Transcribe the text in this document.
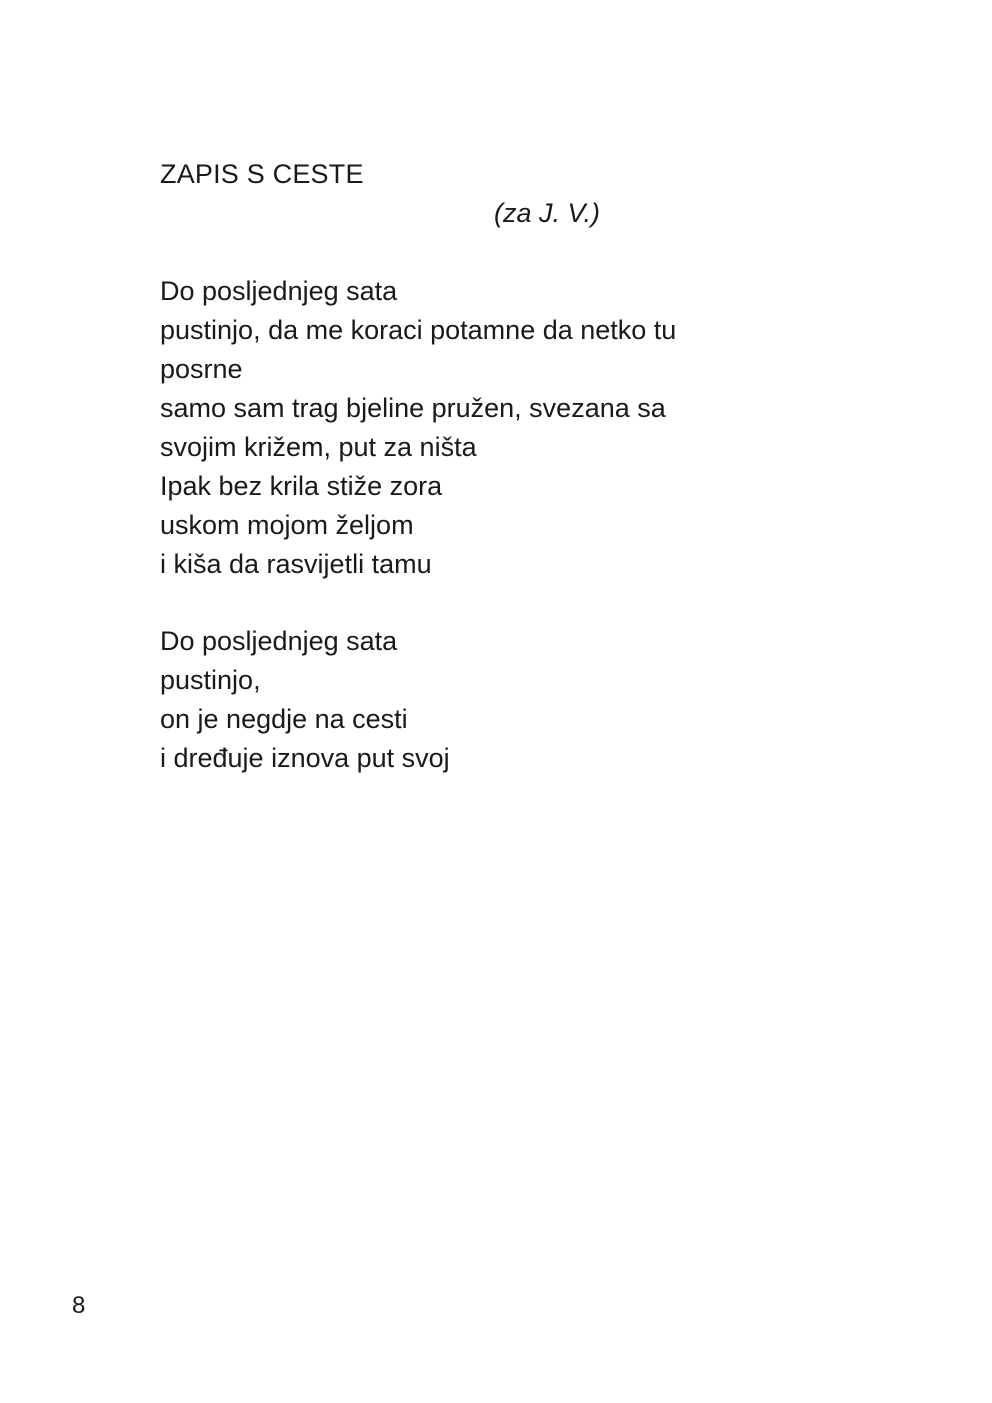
ZAPIS S CESTE
(za J. V.)
Do posljednjeg sata
pustinjo, da me koraci potamne da netko tu
posrne
samo sam trag bjeline pružen, svezana sa
svojim križem, put za ništa
Ipak bez krila stiže zora
uskom mojom željom
i kiša da rasvijetli tamu
Do posljednjeg sata
pustinjo,
on je negdje na cesti
i dređuje iznova put svoj
8
